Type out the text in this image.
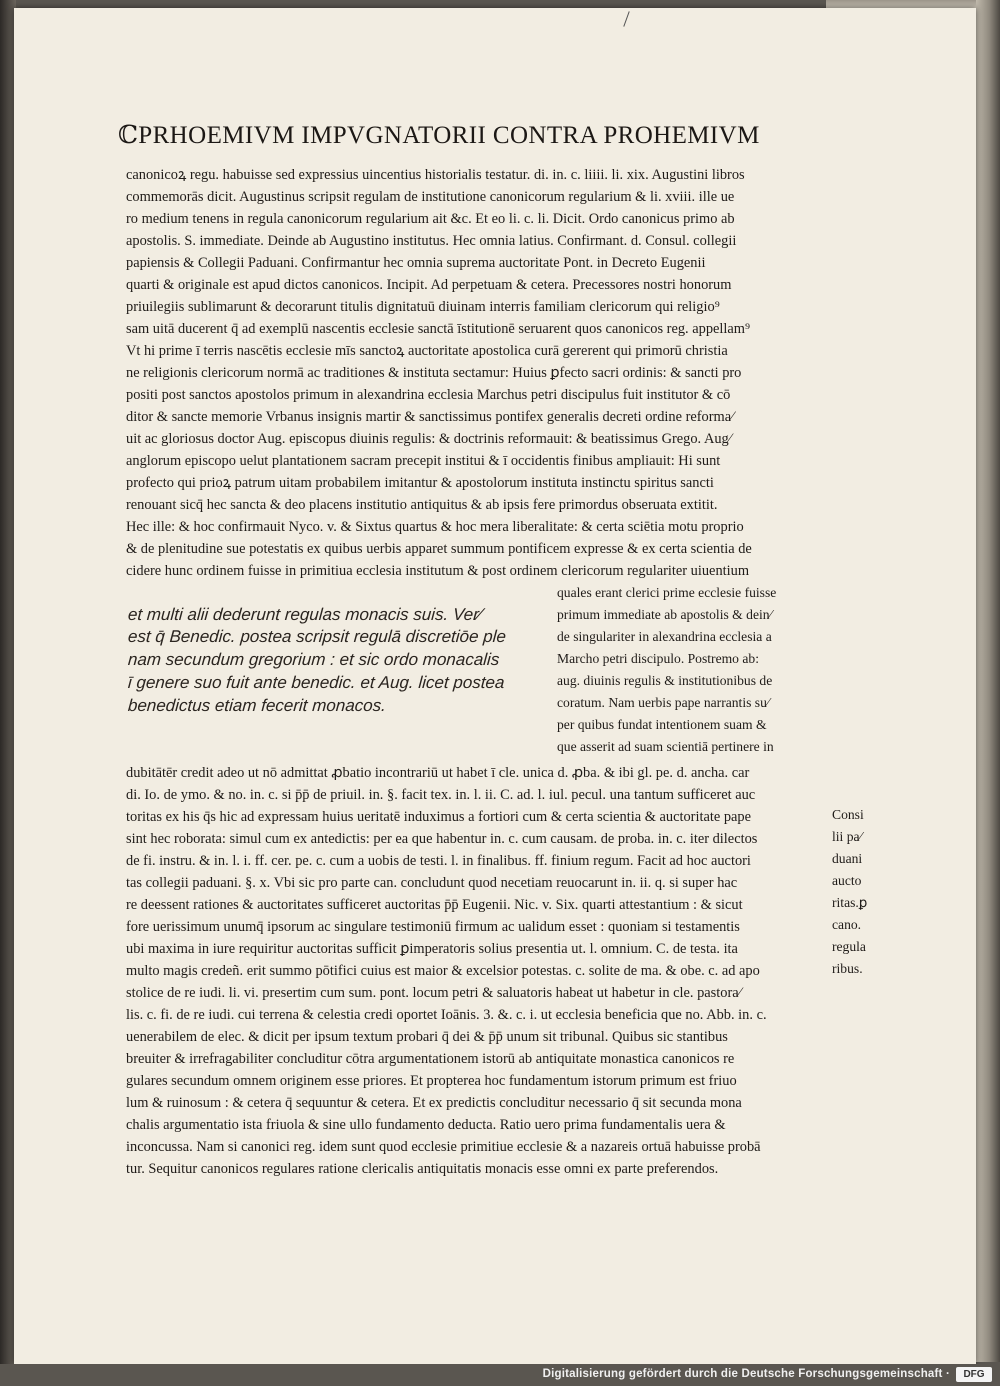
ℂPRHOEMIVM IMPVGNATORII CONTRA PROHEMIVM
canonicoꝝ regu. habuisse sed expressius uincentius historialis testatur. di. in. c. liiii. li. xix. Augustini libros
commemorās dicit. Augustinus scripsit regulam de institutione canonicorum regularium & li. xviii. ille ue
ro medium tenens in regula canonicorum regularium ait &c. Et eo li. c. li. Dicit. Ordo canonicus primo ab
apostolis. S. immediate. Deinde ab Augustino institutus. Hec omnia latius. Confirmant. d. Consul. collegii
papiensis & Collegii Paduani. Confirmantur hec omnia suprema auctoritate Pont. in Decreto Eugenii
quarti & originale est apud dictos canonicos. Incipit. Ad perpetuam & cetera. Precessores nostri honorum
priuilegiis sublimarunt & decorarunt titulis dignitatuū diuinam interris familiam clericorum qui religio⁹
sam uitā ducerent q̄ ad exemplū nascentis ecclesie sanctā īstitutionē seruarent quos canonicos reg. appellam⁹
Vt hi prime ī terris nascētis ecclesie mīs sanctoꝝ auctoritate apostolica curā gererent qui primorū christia
ne religionis clericorum normā ac traditiones & instituta sectamur: Huius ꝑfecto sacri ordinis: & sancti pro
positi post sanctos apostolos primum in alexandrina ecclesia Marchus petri discipulus fuit institutor & cō
ditor & sancte memorie Vrbanus insignis martir & sanctissimus pontifex generalis decreti ordine reforma⁄
uit ac gloriosus doctor Aug. episcopus diuinis regulis: & doctrinis reformauit: & beatissimus Grego. Aug⁄
anglorum episcopo uelut plantationem sacram precepit institui & ī occidentis finibus ampliauit: Hi sunt
profecto qui prioꝝ patrum uitam probabilem imitantur & apostolorum instituta instinctu spiritus sancti
renouant sicq̄ hec sancta & deo placens institutio antiquitus & ab ipsis fere primordus obseruata extitit.
Hec ille: & hoc confirmauit Nyco. v. & Sixtus quartus & hoc mera liberalitate: & certa sciētia motu proprio
& de plenitudine sue potestatis ex quibus uerbis apparet summum pontificem expresse & ex certa scientia de
cidere hunc ordinem fuisse in primitiua ecclesia institutum & post ordinem clericorum regulariter uiuentium
quales erant clerici prime ecclesie fuisse
primum immediate ab apostolis & dein⁄
de singulariter in alexandrina ecclesia a
Marcho petri discipulo. Postremo ab:
aug. diuinis regulis & institutionibus de
coratum. Nam uerbis pape narrantis su⁄
per quibus fundat intentionem suam &
que asserit ad suam scientiā pertinere in
et multi alii dederunt regulas monacis suis. Ver⁄
est q̄ Benedic. postea scripsit regulā discretiōe ple
nam secundum gregorium : et sic ordo monacalis
ī genere suo fuit ante benedic. et Aug. licet postea
benedictus etiam fecerit monacos.
dubitātēr credit adeo ut nō admittat ꝓbatio incontrariū ut habet ī cle. unica d. ꝓba. & ibi gl. pe. d. ancha. car
di. Io. de ymo. & no. in. c. si p̄p̄ de priuil. in. §. facit tex. in. l. ii. C. ad. l. iul. pecul. una tantum sufficeret auc
toritas ex his q̄s hic ad expressam huius ueritatē induximus a fortiori cum & certa scientia & auctoritate pape
sint hec roborata: simul cum ex antedictis: per ea que habentur in. c. cum causam. de proba. in. c. iter dilectos
de fi. instru. & in. l. i. ff. cer. pe. c. cum a uobis de testi. l. in finalibus. ff. finium regum. Facit ad hoc auctori
tas collegii paduani. §. x. Vbi sic pro parte can. concludunt quod necetiam reuocarunt in. ii. q. si super hac
re deessent rationes & auctoritates sufficeret auctoritas p̄p̄ Eugenii. Nic. v. Six. quarti attestantium : & sicut
fore uerissimum unumq̄ ipsorum ac singulare testimoniū firmum ac ualidum esset : quoniam si testamentis
ubi maxima in iure requiritur auctoritas sufficit ꝑimperatoris solius presentia ut. l. omnium. C. de testa. ita
multo magis credeñ. erit summo pōtifici cuius est maior & excelsior potestas. c. solite de ma. & obe. c. ad apo
stolice de re iudi. li. vi. presertim cum sum. pont. locum petri & saluatoris habeat ut habetur in cle. pastora⁄
lis. c. fi. de re iudi. cui terrena & celestia credi oportet Ioānis. 3. &. c. i. ut ecclesia beneficia que no. Abb. in. c.
uenerabilem de elec. & dicit per ipsum textum probari q̄ dei & p̄p̄ unum sit tribunal. Quibus sic stantibus
breuiter & irrefragabiliter concluditur cōtra argumentationem istorū ab antiquitate monastica canonicos re
gulares secundum omnem originem esse priores. Et propterea hoc fundamentum istorum primum est friuo
lum & ruinosum : & cetera q̄ sequuntur & cetera. Et ex predictis concluditur necessario q̄ sit secunda mona
chalis argumentatio ista friuola & sine ullo fundamento deducta. Ratio uero prima fundamentalis uera &
inconcussa. Nam si canonici reg. idem sunt quod ecclesie primitiue ecclesie & a nazareis ortuā habuisse probā
tur. Sequitur canonicos regulares ratione clericalis antiquitatis monacis esse omni ex parte preferendos.
Consi
lii pa⁄
duani
aucto
ritas.ꝑ
cano.
regula
ribus.
Digitalisierung gefördert durch die Deutsche Forschungsgemeinschaft ·	DFG
